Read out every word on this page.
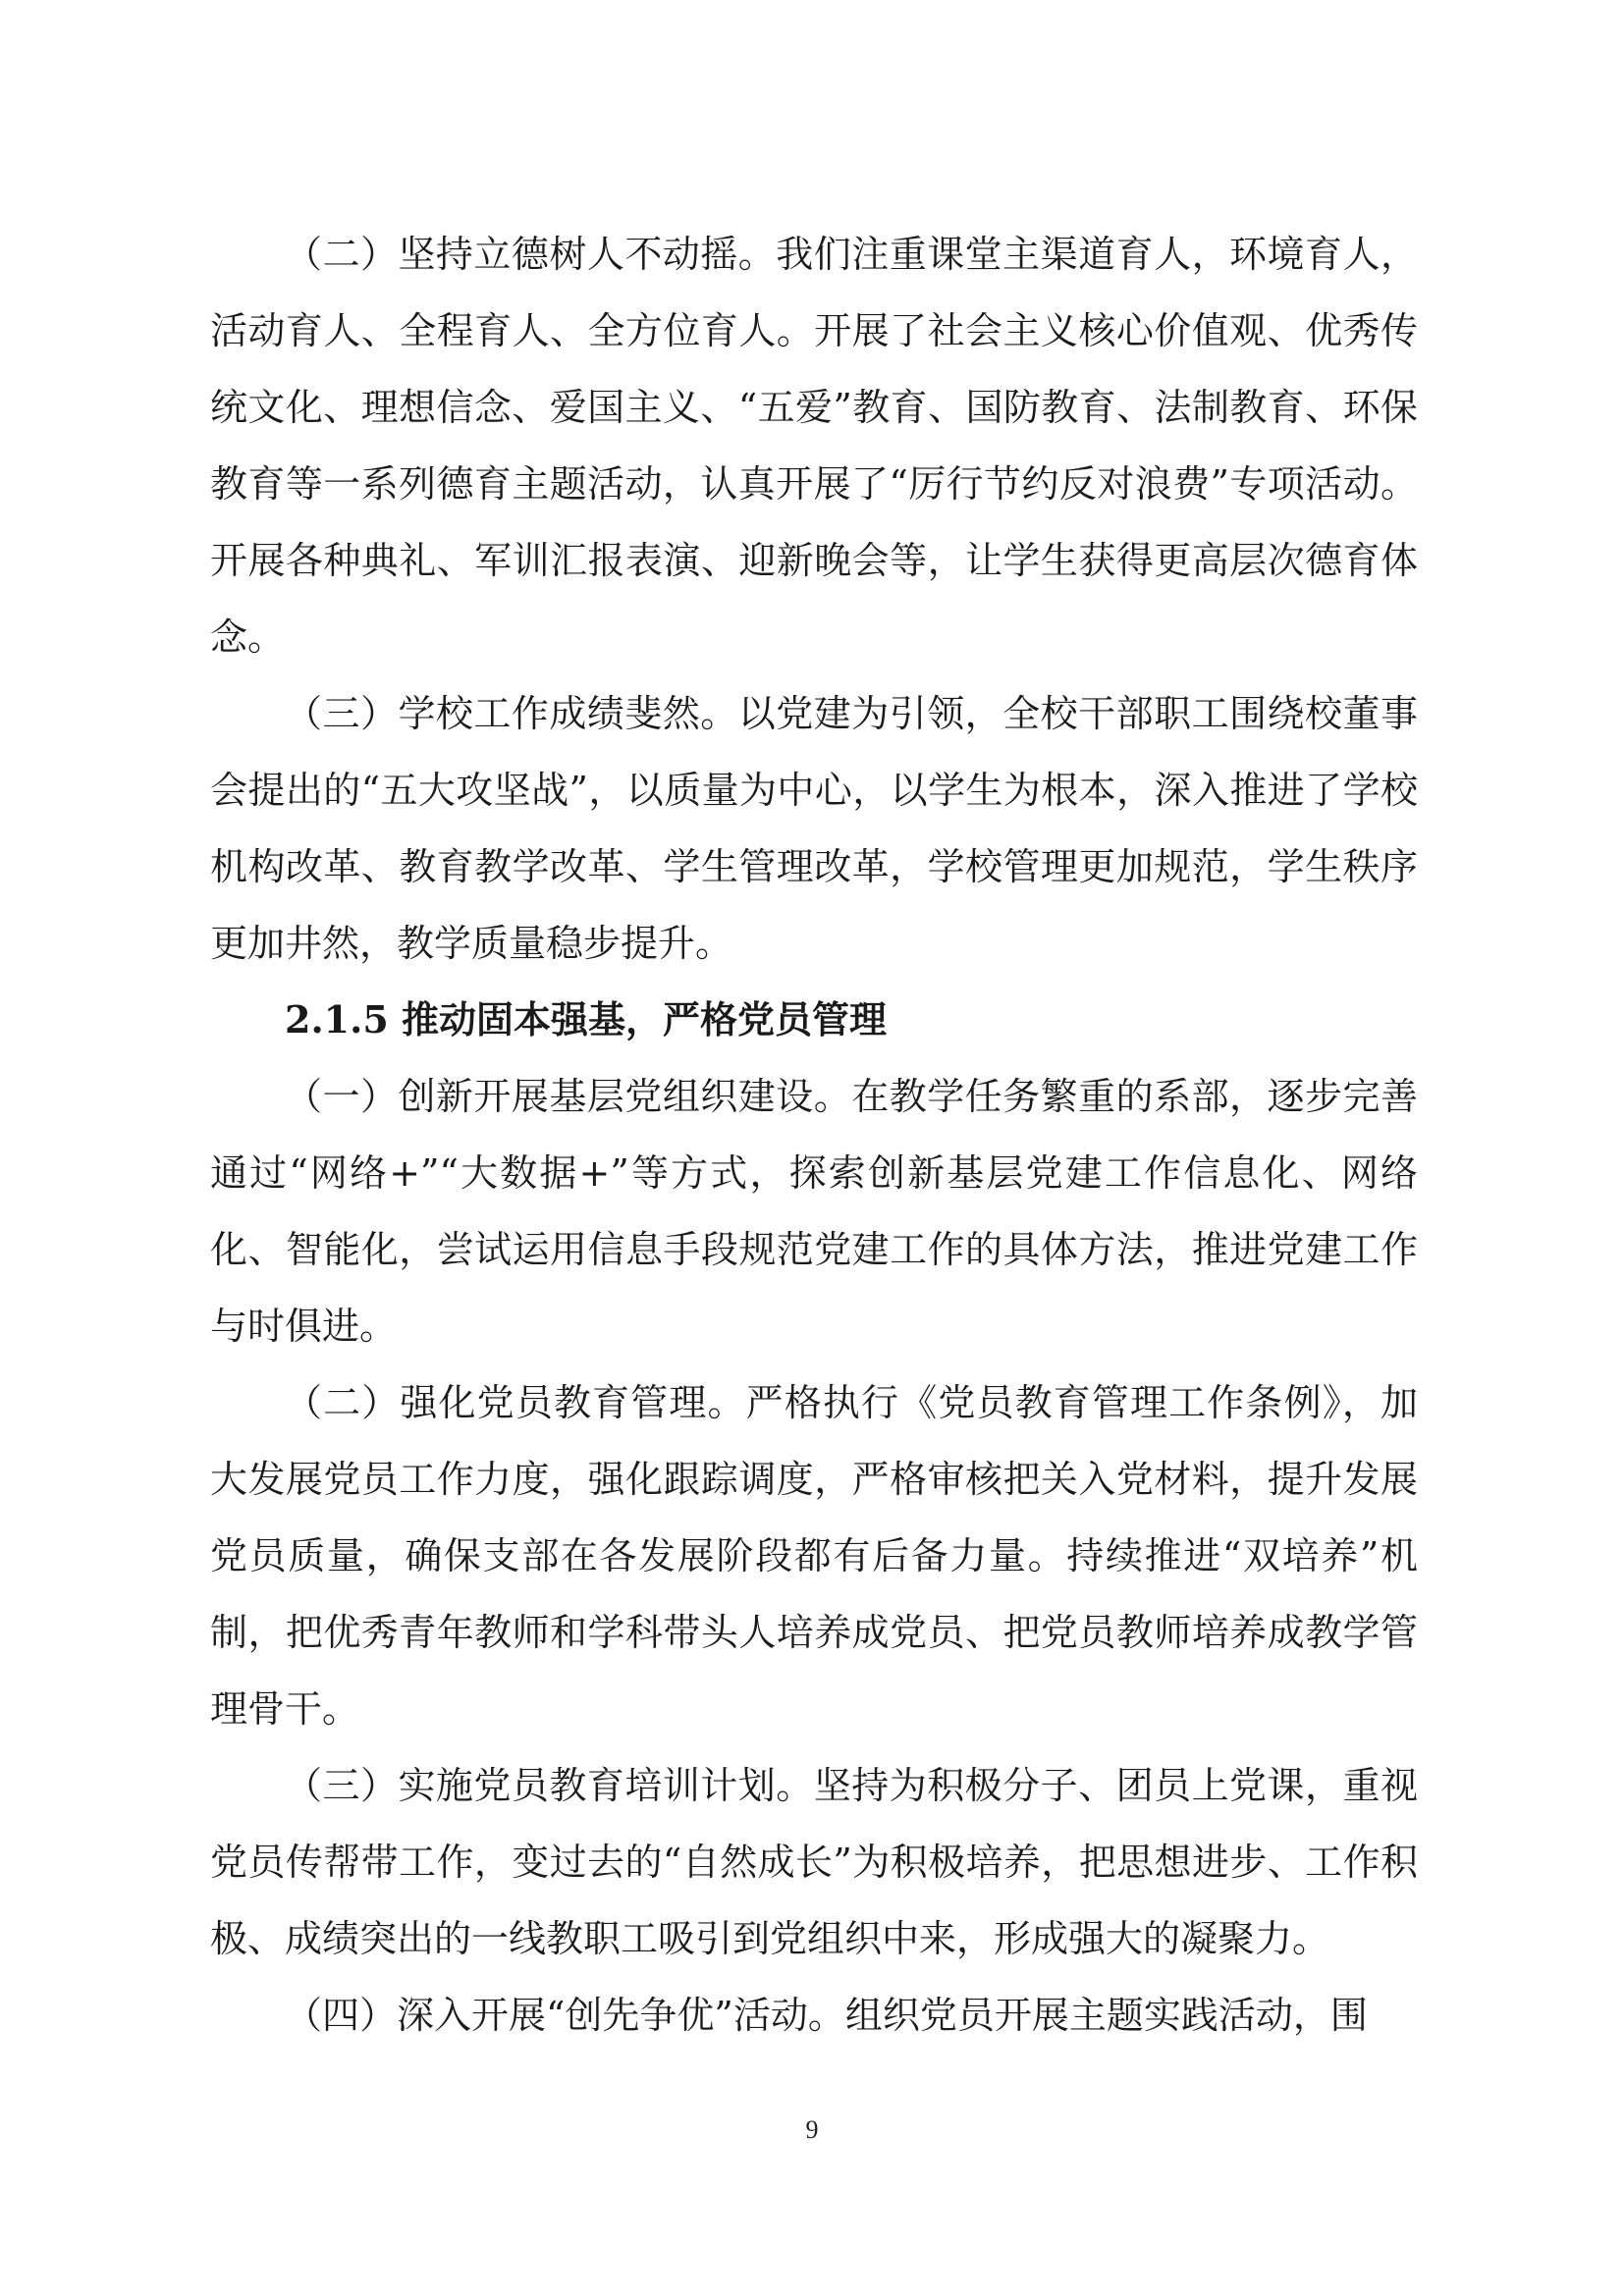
（二）坚持立德树人不动摇。我们注重课堂主渠道育人，环境育人，活动育人、全程育人、全方位育人。开展了社会主义核心价值观、优秀传统文化、理想信念、爱国主义、“五爱”教育、国防教育、法制教育、环保教育等一系列德育主题活动，认真开展了“厉行节约反对浪费”专项活动。开展各种典礼、军训汇报表演、迎新晚会等，让学生获得更高层次德育体念。

（三）学校工作成绩斐然。以党建为引领，全校干部职工围绕校董事会提出的“五大攻坚战”，以质量为中心，以学生为根本，深入推进了学校机构改革、教育教学改革、学生管理改革，学校管理更加规范，学生秩序更加井然，教学质量稳步提升。

2.1.5 推动固本强基，严格党员管理

（一）创新开展基层党组织建设。在教学任务繁重的系部，逐步完善通过“网络+”“大数据+”等方式，探索创新基层党建工作信息化、网络化、智能化，尝试运用信息手段规范党建工作的具体方法，推进党建工作与时俱进。

（二）强化党员教育管理。严格执行《党员教育管理工作条例》，加大发展党员工作力度，强化跟踪调度，严格审核把关入党材料，提升发展党员质量，确保支部在各发展阶段都有后备力量。持续推进“双培养”机制，把优秀青年教师和学科带头人培养成党员、把党员教师培养成教学管理骨干。

（三）实施党员教育培训计划。坚持为积极分子、团员上党课，重视党员传帮带工作，变过去的“自然成长”为积极培养，把思想进步、工作积极、成绩突出的一线教职工吸引到党组织中来，形成强大的凝聚力。

（四）深入开展“创先争优”活动。组织党员开展主题实践活动，围

9
